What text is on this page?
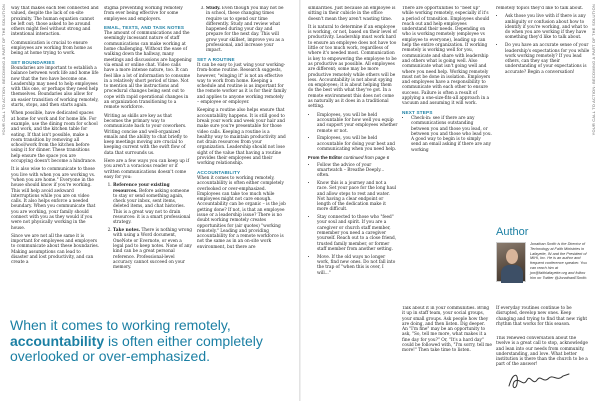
YOUR CALL TO ACTION: BECOMING A PART OF THE SOLUTION	way that makes each feel connected and valued, despite the lack of on-site proximity. The human equation cannot be left out; those asked to be around others might feel without strong and intentional interaction.

Communication is crucial to ensure employees are working from home as being at home trying to work.

SET BOUNDARIES

Boundaries are important to establish a balance between work life and home life now that the two have become one. Leadership may need to help employees with this one, or perhaps they need help themselves. Boundaries also allow for an easier transition of working remotely, starts, stops, and then starts again.

When possible, have dedicated spaces at home for work and for home life. For example, use the dining room for school and work, and the kitchen table for eating. If that isn't possible, make a room transition by removing all school/work from the kitchen before using it for dinner. These transitions help ensure the space you are occupying doesn't become a hindrance.

It is also wise to communicate to those you live with when you are working vs. "when you are home." Everyone in the house should know if you're working. This will help avoid awkward interruptions while you are on video calls. It also helps enforce a needed boundary. When you communicate that you are working, your family should connect with you as they would if you were not physically working in the house.

Since we are not all the same it is important for employees and employers to communicate about these boundaries. Making assumptions can lead to disaster and lost productivity, and can create a

stigma preventing working remotely from ever being effective for some employees and employers.

EMAIL, TEXTS, AND TASK NOTES

The amount of communications and the seemingly incessant nature of staff communications can make working at home challenging. Without the ease of walking down the hallway, many meetings and discussions are happening via email or online chat. Video calls have a more intense nature, too. It can feel like a lot of information to consume in a relatively short period of time. Not to mention all the instructions and procedural changes being sent out to cope with rapid operational changes in an organization transitioning to a remote workforce.

Writing as skills are key as that becomes the primary way to communicate back to your coworkers. Writing concise and well-organized emails and the ability to chat briefly to keep meetings moving are crucial to keeping current with the swift flow of data that surrounds us.

Here are a few ways you can keep up if you aren't a voracious reader or if written communications doesn't come easy for you:

1. Reference your existing resources. Before asking someone to stay or send something again, check your inbox, sent items, deleted items, and chat histories. This is a great way not to drain resources: it is a smart professional strategy.
2. Take notes. There is nothing wrong with using a Word document, OneNote or Evernote, or even a legal pad to keep notes. None of any kind can be a great personal reference. Professional-level accuracy cannot succeed on your memory.
3. Study. Even though you may not be in school, these changing times require us to spend our time differently. Study and review what happened during your day and prepare for the next day. This will grow your skillset, improve you as a professional, and increase your impact.
SET A ROUTINE

It can be easy to just wing your working-from-home routine. Research suggests, however, "winging it" is not an effective way to work from home. Keeping a schedule and routine is as important for the remote worker as it is for their family and applies to anyone working remotely – employee or employer.

Keeping a routine also helps ensure that accountability happens. It is still good to break your work and week your hair and make sure you're presentable for those video calls. Keeping a routine is a healthy way to maintain productivity and not drain resources from your organization. Leadership should not lose sight of the value that having a routine provides their employees and their working relationship.

ACCOUNTABILITY

When it comes to working remotely, accountability is often either completely overlooked or over-emphasized. Employees can take too much while employees might not care enough. Accountability can be organic – is the job getting done? If not, is that an employee issue or a leadership issue? There is no doubt working remotely creates opportunities for (air quotes) "working remotely." Leading and providing accountability for a remote workforce is not the same as in an on-site work environment, but there are

When it comes to working remotely, accountability is often either completely overlooked or over-emphasized.
YOUR CALL TO ACTION: BECOMING A PART OF THE SOLUTION

similarities. Just because an employee is sitting in their cubicle in the office doesn't mean they aren't wasting time.

It is natural to determine if an employee is working, or not, based on their level of productivity. Leadership must work hard to ensure an employee does not have too little or too much work, regardless of where it's needed most. Communication is key to empowering the employee to be as productive as possible. All employees are different; some may be more productive remotely while others will be less. Accountability is not about spying on employees; it is about helping them do the best with what they've got. In a remote environment this does not come as naturally as it does in a traditional setting.

• Employees, you will be held accountable for how well you equip and support your employees whether remote or not.
• Employees, you will be held accountable for doing your best and communicating when you need help.
From the Editor continued from page 6
• Follow the advice of your smartwatch – Breathe Deeply... often.
• Know this is a journey and not a race. Set your pace for the long haul and allow steps to rest and water. Not having a clear endpoint or length of the dedication make it more difficult.
• Stay connected to those who "feed" your soul and spirit. If you are a caregiver or church staff member, remember you need a caregiver yourself. Reach out to a close friend, trusted family member, or former staff member from another setting.
• Move. If the old ways no longer work, find new ones. Do not fall into the trap of "when this is over, I will..."

There are opportunities to "beef up" while working remotely, especially if it's a period of transition. Employees should reach out and help employees understand their needs. Depending on who is working remotely (employee vs employee to everyone), leading up can help the entire organization. If working remotely is working well for you, communicate and share with leadership and others what is going well. Also communicate what isn't going well and where you need help. Working remotely must not be done in isolation. Employers and employees have a responsibility to communicate with each other to ensure success. Failure is often a result of applying a one-size-fits-all approach in a vacuum and assuming it will work.

NEXT STEPS
• Check-in: see if there are any communications outstanding between you and those you lead, or between you and those who lead you. A good way to begin is to simply send an email asking if there are any working

remotely topics they'd like to talk about.

• Ask those you live with if there is any ambiguity or confusion about how to identify if you're working, and what to do when you are working if they have something they'd like to talk about.
• Do you have an accurate sense of your leadership's expectations for you while work working remotely? If you lead others, can they say their understanding of your expectations is accurate? Begin a conversation!
Author
Jonathan Smith is the Director of Technology at Faith Ministries in Lafayette, IN and the President of MIHI, Inc. He is an author and frequent conference speaker. You can reach him at jon@faithlafayette.org and follow him on Twitter @JonathanESmith.

If everyday routines continue to be disrupted, develop new ones. Keep changing and trying to find that new right rhythm that works for this season.

Talk about it in your communities. Bring it up in staff team, your social groups, your small groups. Ask people how they are doing, and then listen. Dig deeper. An "I'm fine" may be an opportunity to ask, "So, tell me more, what makes it a fine day for you?" Or, "It's a hard day" could be followed with, "I'm sorry, tell me more!" Then take time to listen.

This renewed conversation about the twelve is a great call to stop, acknowledge and lean into our needs from community, understanding, and love. What better institution is there than the church to be a part of the answer!
